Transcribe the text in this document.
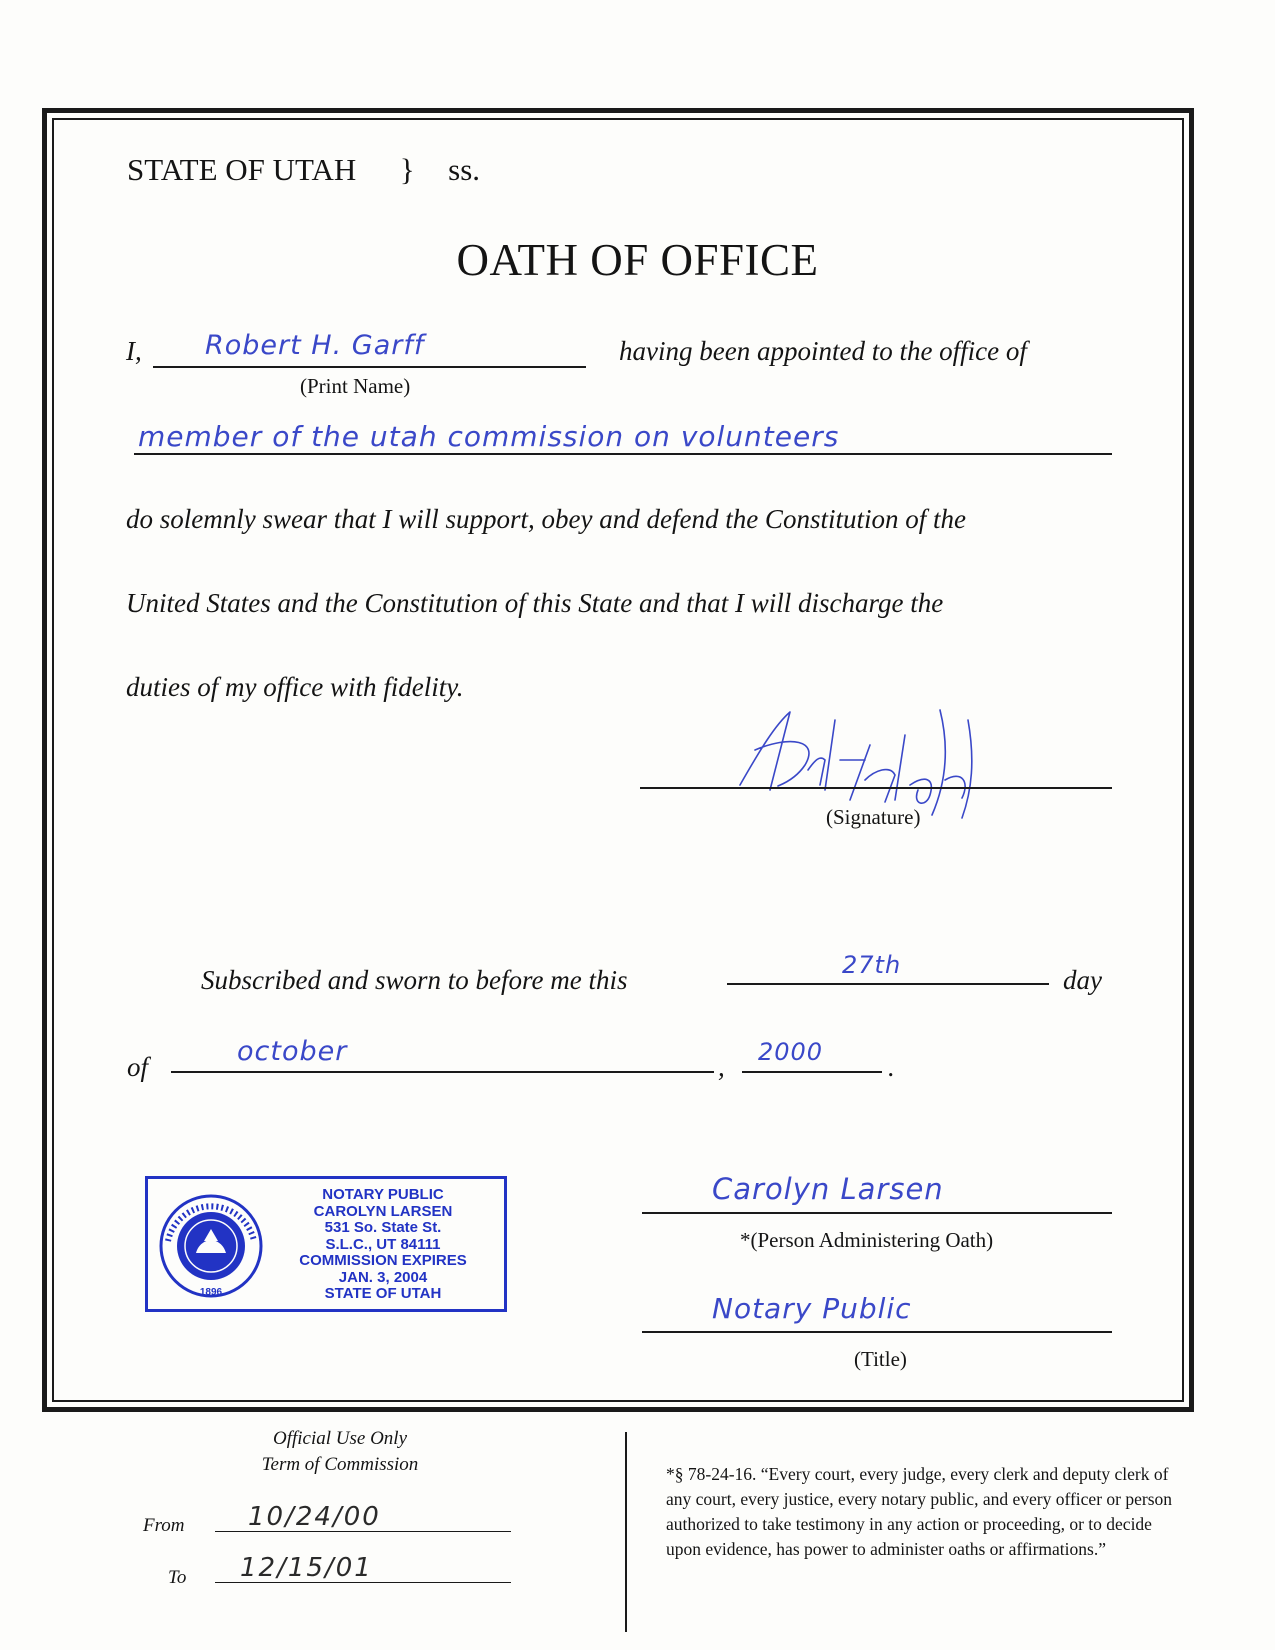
STATE OF UTAH } ss.
OATH OF OFFICE
I, Robert H. Garff
(Print Name)
having been appointed to the office of
member of the utah commission on volunteers
do solemnly swear that I will support, obey and defend the Constitution of the
United States and the Constitution of this State and that I will discharge the
duties of my office with fidelity.
(Signature)
Subscribed and sworn to before me this	27th	day
of	october	, 2000 .
1896
NOTARY PUBLIC
CAROLYN LARSEN
531 So. State St.
S.L.C., UT 84111
COMMISSION EXPIRES
JAN. 3, 2004
STATE OF UTAH
Carolyn Larsen
*(Person Administering Oath)
Notary Public
(Title)
Official Use Only
Term of Commission
From 10/24/00
To 12/15/01
*§ 78-24-16. “Every court, every judge, every clerk and deputy clerk of any court, every justice, every notary public, and every officer or person authorized to take testimony in any action or proceeding, or to decide upon evidence, has power to administer oaths or affirmations.”
